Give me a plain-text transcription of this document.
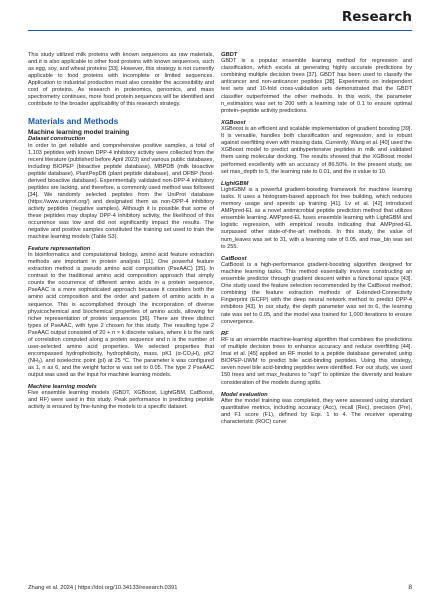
Research

This study utilized milk proteins with known sequences as raw materials, and it is also applicable to other food proteins with known sequences, such as egg, soy, and wheat proteins [33]. However, this strategy is not currently applicable to food proteins with incomplete or limited sequences. Application to industrial production must also consider the accessibility and cost of proteins. As research in proteomics, genomics, and mass spectrometry continues, more food protein sequences will be identified and contribute to the broader applicability of this research strategy.

Materials and Methods
Machine learning model training
Dataset construction

In order to get reliable and comprehensive positive samples, a total of 1,103 peptides with known DPP-4 inhibitory activity were collected from the recent literature (published before April 2023) and various public databases, including BIOPEP (bioactive peptide database), MBPDB (milk bioactive peptide database), PlantPepDB (plant peptide database), and DFBP (food-derived bioactive database). Experimentally validated non-DPP-4 inhibitory peptides are lacking, and therefore, a commonly used method was followed [34]. We randomly selected peptides from the UniProt database (https://www.uniprot.org/) and designated them as non-DPP-4 inhibitory activity peptides (negative samples). Although it is possible that some of these peptides may display DPP-4 inhibitory activity, the likelihood of this occurrence was low and did not significantly impact the results. The negative and positive samples constituted the training set used to train the machine learning models (Table S3).

Feature representation

In bioinformatics and computational biology, amino acid feature extraction methods are important in protein analysis [11]. One powerful feature extraction method is pseudo amino acid composition (PseAAC) [35]. In contrast to the traditional amino acid composition approach that simply counts the occurrence of different amino acids in a protein sequence, PseAAC is a more sophisticated approach because it considers both the amino acid composition and the order and pattern of amino acids in a sequence. This is accomplished through the incorporation of diverse physicochemical and biochemical properties of amino acids, allowing for richer representation of protein sequences [36]. There are three distinct types of PseAAC, with type 2 chosen for this study. The resulting type 2 PseAAC output consisted of 20 + n × k discrete values, where k is the rank of correlation computed along a protein sequence and n is the number of user-selected amino acid properties. We selected properties that encompassed hydrophobicity, hydrophilicity, mass, pK1 (α-CO₂H), pK2 (NH₃), and isoelectric point (pI) at 25 °C. The parameter k was configured as 1, n as 6, and the weight factor w was set to 0.05. The type 2 PseAAC output was used as the input for machine learning models.

Machine learning models

Five ensemble learning models (GBDT, XGBoost, LightGBM, CatBoost, and RF) were used in this study. Peak performance in predicting peptide activity is ensured by fine-tuning the models to a specific dataset.

GBDT

GBDT is a popular ensemble learning method for regression and classification, which excels at generating highly accurate predictions by combining multiple decision trees [37]. GBDT has been used to classify the anticancer and non-anticancer peptides [38]. Experiments on independent test sets and 10-fold cross-validation sets demonstrated that the GBDT classifier outperformed the other methods. In this work, the parameter n_estimators was set to 200 with a learning rate of 0.1 to ensure optimal protein–peptide activity predictions.

XGBoost

XGBoost is an efficient and scalable implementation of gradient boosting [39]. It is versatile, handles both classification and regression, and is robust against overfitting even with missing data. Currently, Wang et al. [40] used the XGBoost model to predict antihypertensive peptides in milk and validated them using molecular docking. The results showed that the XGBoost model performed excellently with an accuracy of 86.50%. In the present study, we set max_depth to 5, the learning rate to 0.01, and the α value to 10.

LightGBM

LightGBM is a powerful gradient-boosting framework for machine learning tasks. It uses a histogram-based approach for tree building, which reduces memory usage and speeds up training [41]. Lv et al. [42] introduced AMPpred-EL as a novel antimicrobial peptide prediction method that utilizes ensemble learning. AMPpred-EL fuses ensemble learning with LightGBM and logistic regression, with empirical results indicating that AMPpred-EL surpassed other state-of-the-art methods. In this study, the value of num_leaves was set to 31, with a learning rate of 0.05, and max_bin was set to 255.

CatBoost

CatBoost is a high-performance gradient-boosting algorithm designed for machine learning tasks. This method essentially involves constructing an ensemble predictor through gradient descent within a functional space [43]. One study used the feature selection recommended by the CatBoost method, combining the feature extraction methods of Extended-Connectivity Fingerprint (ECFP) with the deep neural network method to predict DPP-4 inhibitors [43]. In our study, the depth parameter was set to 6, the learning rate was set to 0.05, and the model was trained for 1,000 iterations to ensure convergence.

RF

RF is an ensemble machine-learning algorithm that combines the predictions of multiple decision trees to enhance accuracy and reduce overfitting [44]. Imai et al. [45] applied an RF model to a peptide database generated using BIOPEP-UWM to predict bile acid-binding peptides. Using this strategy, seven novel bile acid-binding peptides were identified. For our study, we used 150 trees and set max_features to "sqrt" to optimize the diversity and feature consideration of the models during splits.

Model evaluation

After the model training was completed, they were assessed using standard quantitative metrics, including accuracy (Acc), recall (Rec), precision (Pre), and F1 score (F1), defined by Eqs. 1 to 4. The receiver operating characteristic (ROC) curve

Zhang et al. 2024 | https://doi.org/10.34133/research.0391	8
